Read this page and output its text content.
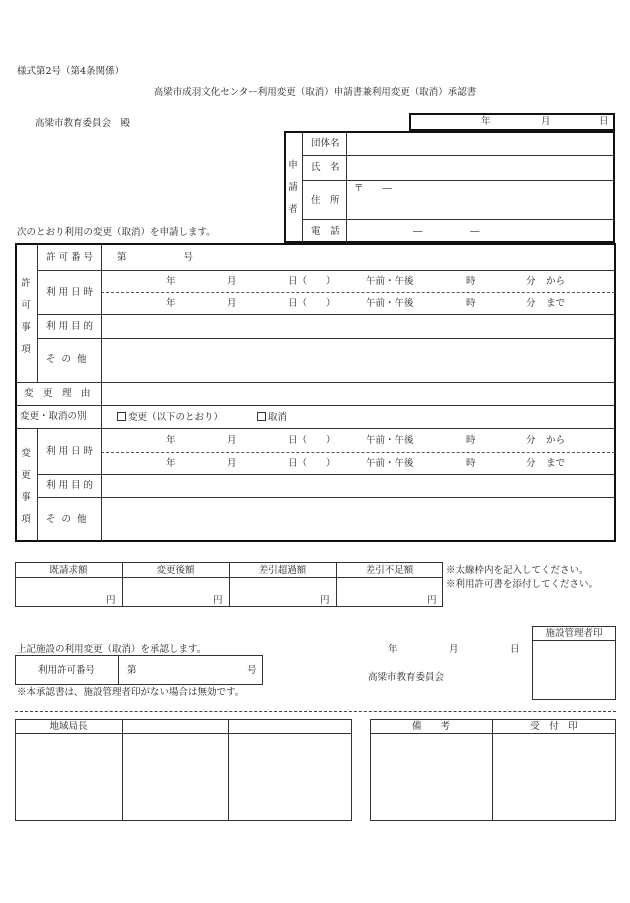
様式第2号（第4条関係）
高梁市成羽文化センター利用変更（取消）申請書兼利用変更（取消）承認書
高梁市教育委員会　殿	年	月	日
申
請
者
団体名
氏　名
住　所
〒　　―
電　話	―　　　　　―
次のとおり利用の変更（取消）を申請します。
許
可
事
項
許可番号 第　　　　　　号
利用日時
年	月	日（　　）	午前・午後	時	分 から
年	月	日（　　）	午前・午後	時	分 まで
利用目的
その他
変　更　理　由
変更・取消の別	変更（以下のとおり）	取消
変
更
事
項
利用日時
年	月	日（　　）	午前・午後	時	分 から
年	月	日（　　）	午前・午後	時	分 まで
利用目的
その他
既請求額	変更後額	差引超過額	差引不足額
円	円	円	円
※太線枠内を記入してください。
※利用許可書を添付してください。
施設管理者印
上記施設の利用変更（取消）を承認します。	年	月	日
利用許可番号	第	号
高梁市教育委員会
※本承認書は、施設管理者印がない場合は無効です。
地域局長	備　　考	受　付　印
